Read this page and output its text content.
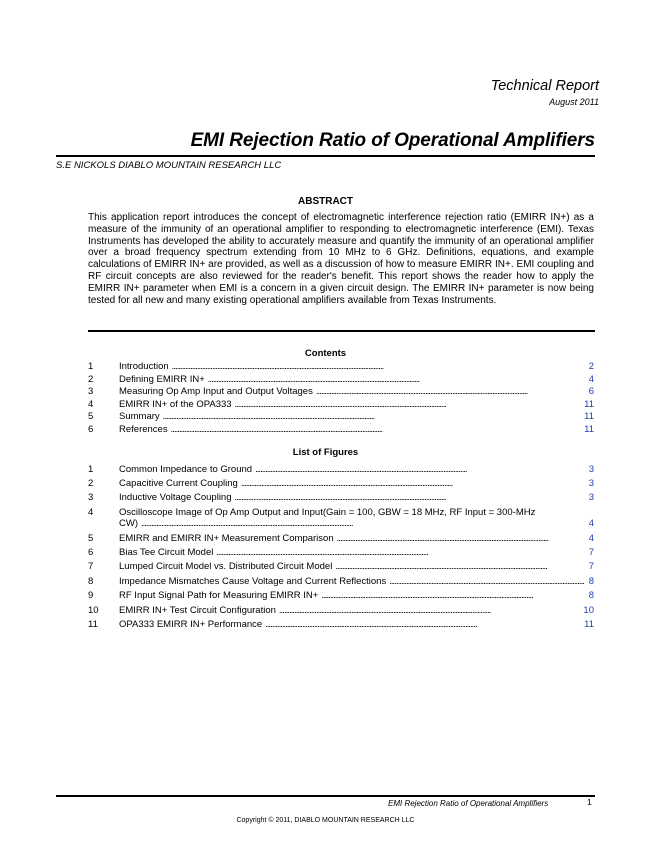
Technical Report
August 2011
EMI Rejection Ratio of Operational Amplifiers
S.E NICKOLS DIABLO MOUNTAIN RESEARCH LLC
ABSTRACT

This application report introduces the concept of electromagnetic interference rejection ratio (EMIRR IN+) as a measure of the immunity of an operational amplifier to responding to electromagnetic interference (EMI). Texas Instruments has developed the ability to accurately measure and quantify the immunity of an operational amplifier over a broad frequency spectrum extending from 10 MHz to 6 GHz. Definitions, equations, and example calculations of EMIRR IN+ are provided, as well as a discussion of how to measure EMIRR IN+. EMI coupling and RF circuit concepts are also reviewed for the reader's benefit. This report shows the reader how to apply the EMIRR IN+ parameter when EMI is a concern in a given circuit design. The EMIRR IN+ parameter is now being tested for all new and many existing operational amplifiers available from Texas Instruments.

Contents
1	Introduction . . .	2
2	Defining EMIRR IN+ . . .	4
3	Measuring Op Amp Input and Output Voltages . . .	6
4	EMIRR IN+ of the OPA333 . . .	11
5	Summary . . .	11
6	References . . .	11
List of Figures
1	Common Impedance to Ground . . .	3
2	Capacitive Current Coupling . . .	3
3	Inductive Voltage Coupling . . .	3
4	Oscilloscope Image of Op Amp Output and Input(Gain = 100, GBW = 18 MHz, RF Input = 300-MHz
CW) . . .	4
5	EMIRR and EMIRR IN+ Measurement Comparison . . .	4
6	Bias Tee Circuit Model . . .	7
7	Lumped Circuit Model vs. Distributed Circuit Model . . .	7
8	Impedance Mismatches Cause Voltage and Current Reflections . . .	8
9	RF Input Signal Path for Measuring EMIRR IN+ . . .	8
10	EMIRR IN+ Test Circuit Configuration . . .	10
11	OPA333 EMIRR IN+ Performance . . .	11
EMI Rejection Ratio of Operational Amplifiers	1
Copyright © 2011, DIABLO MOUNTAIN RESEARCH LLC
